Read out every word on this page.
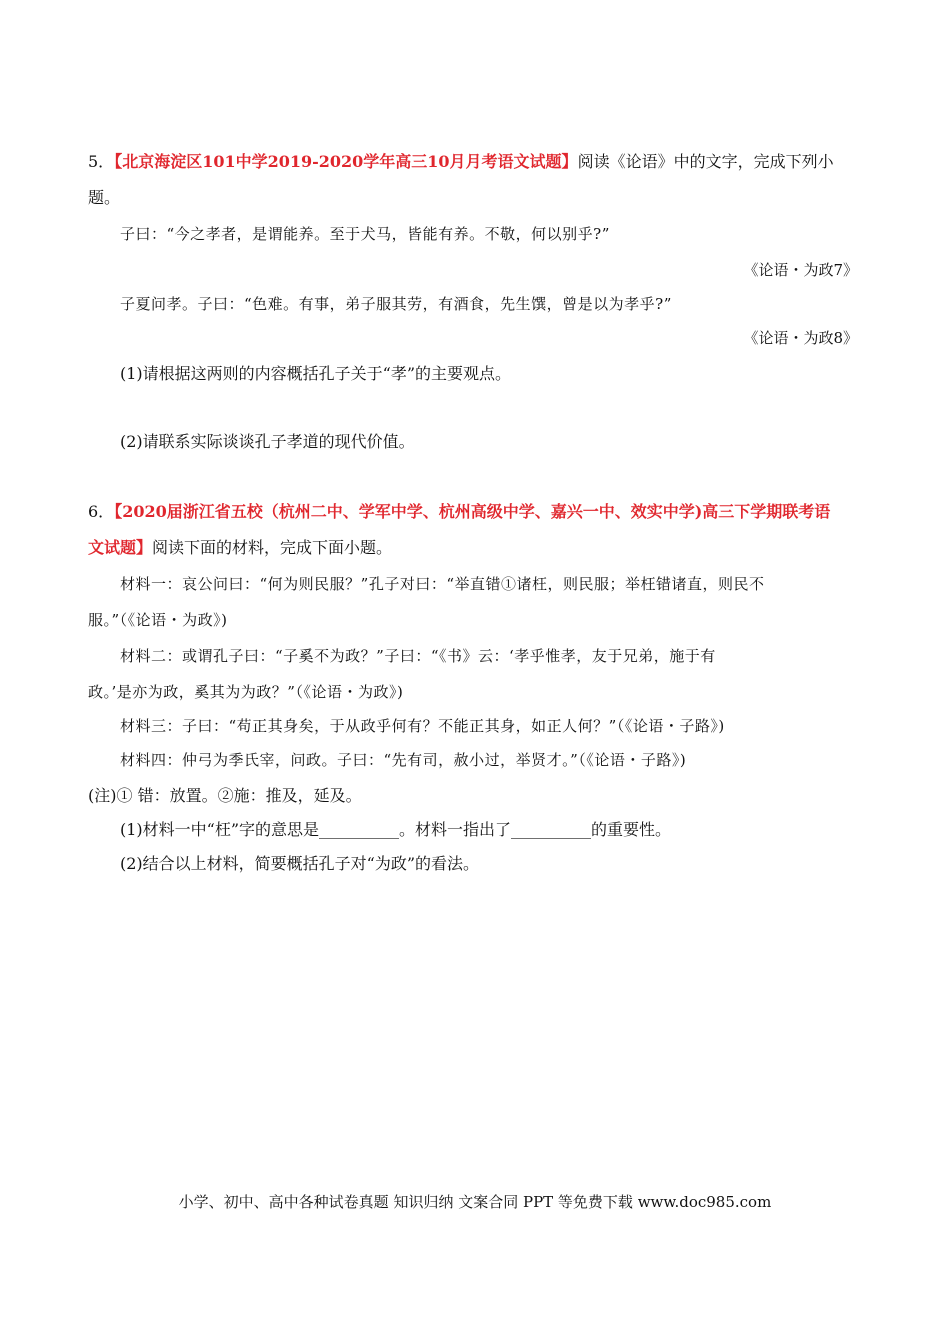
5．【北京海淀区101中学2019-2020学年高三10月月考语文试题】阅读《论语》中的文字，完成下列小
题。
子曰：“今之孝者，是谓能养。至于犬马，皆能有养。不敬，何以别乎?”
《论语・为政7》
子夏问孝。子曰：“色难。有事，弟子服其劳，有酒食，先生馔，曾是以为孝乎?”
《论语・为政8》
(1)请根据这两则的内容概括孔子关于“孝”的主要观点。
(2)请联系实际谈谈孔子孝道的现代价值。
6．【2020届浙江省五校（杭州二中、学军中学、杭州高级中学、嘉兴一中、效实中学)高三下学期联考语
文试题】阅读下面的材料，完成下面小题。
材料一：哀公问曰：“何为则民服？”孔子对曰：“举直错①诸枉，则民服；举枉错诸直，则民不
服。”（《论语・为政》)
材料二：或谓孔子曰：“子奚不为政？”子曰：“《书》云：‘孝乎惟孝，友于兄弟，施于有
政。’是亦为政，奚其为为政？”（《论语・为政》)
材料三：子曰：“苟正其身矣，于从政乎何有？不能正其身，如正人何？”（《论语・子路》)
材料四：仲弓为季氏宰，问政。子曰：“先有司，赦小过，举贤才。”（《论语・子路》)
(注)① 错：放置。②施：推及，延及。
(1)材料一中“枉”字的意思是__________。材料一指出了__________的重要性。
(2)结合以上材料，简要概括孔子对“为政”的看法。
小学、初中、高中各种试卷真题 知识归纳 文案合同 PPT 等免费下载 www.doc985.com
